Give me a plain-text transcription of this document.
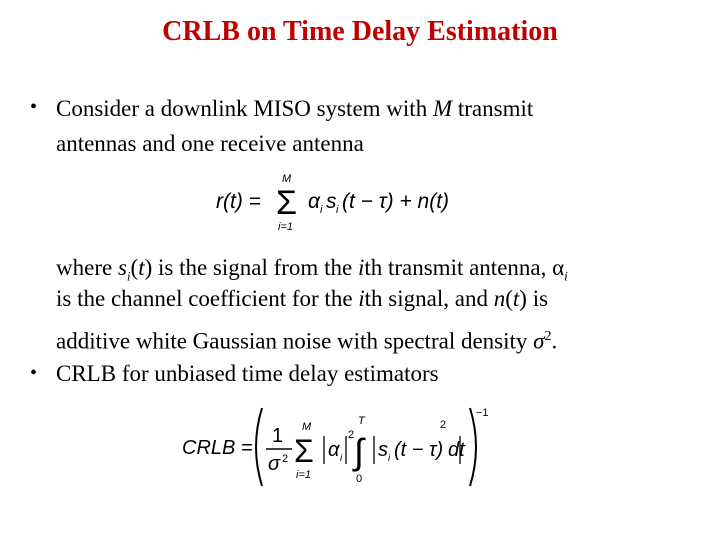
CRLB on Time Delay Estimation
• Consider a downlink MISO system with M transmit
antennas and one receive antenna
r(t) =
M
Σ
i=1
α i s i (t − τ) + n(t)
where $s_i(t)$ is the signal from the ith transmit antenna, $\alpha_i$
is the channel coefficient for the ith signal, and n(t) is
additive white Gaussian noise with spectral density $\sigma^2$.
• CRLB for unbiased time delay estimators
CRLB =
1
σ 2
M
Σ
i=1
α i
2
T
∫
0
s i (t − τ)
2
dt
−1
